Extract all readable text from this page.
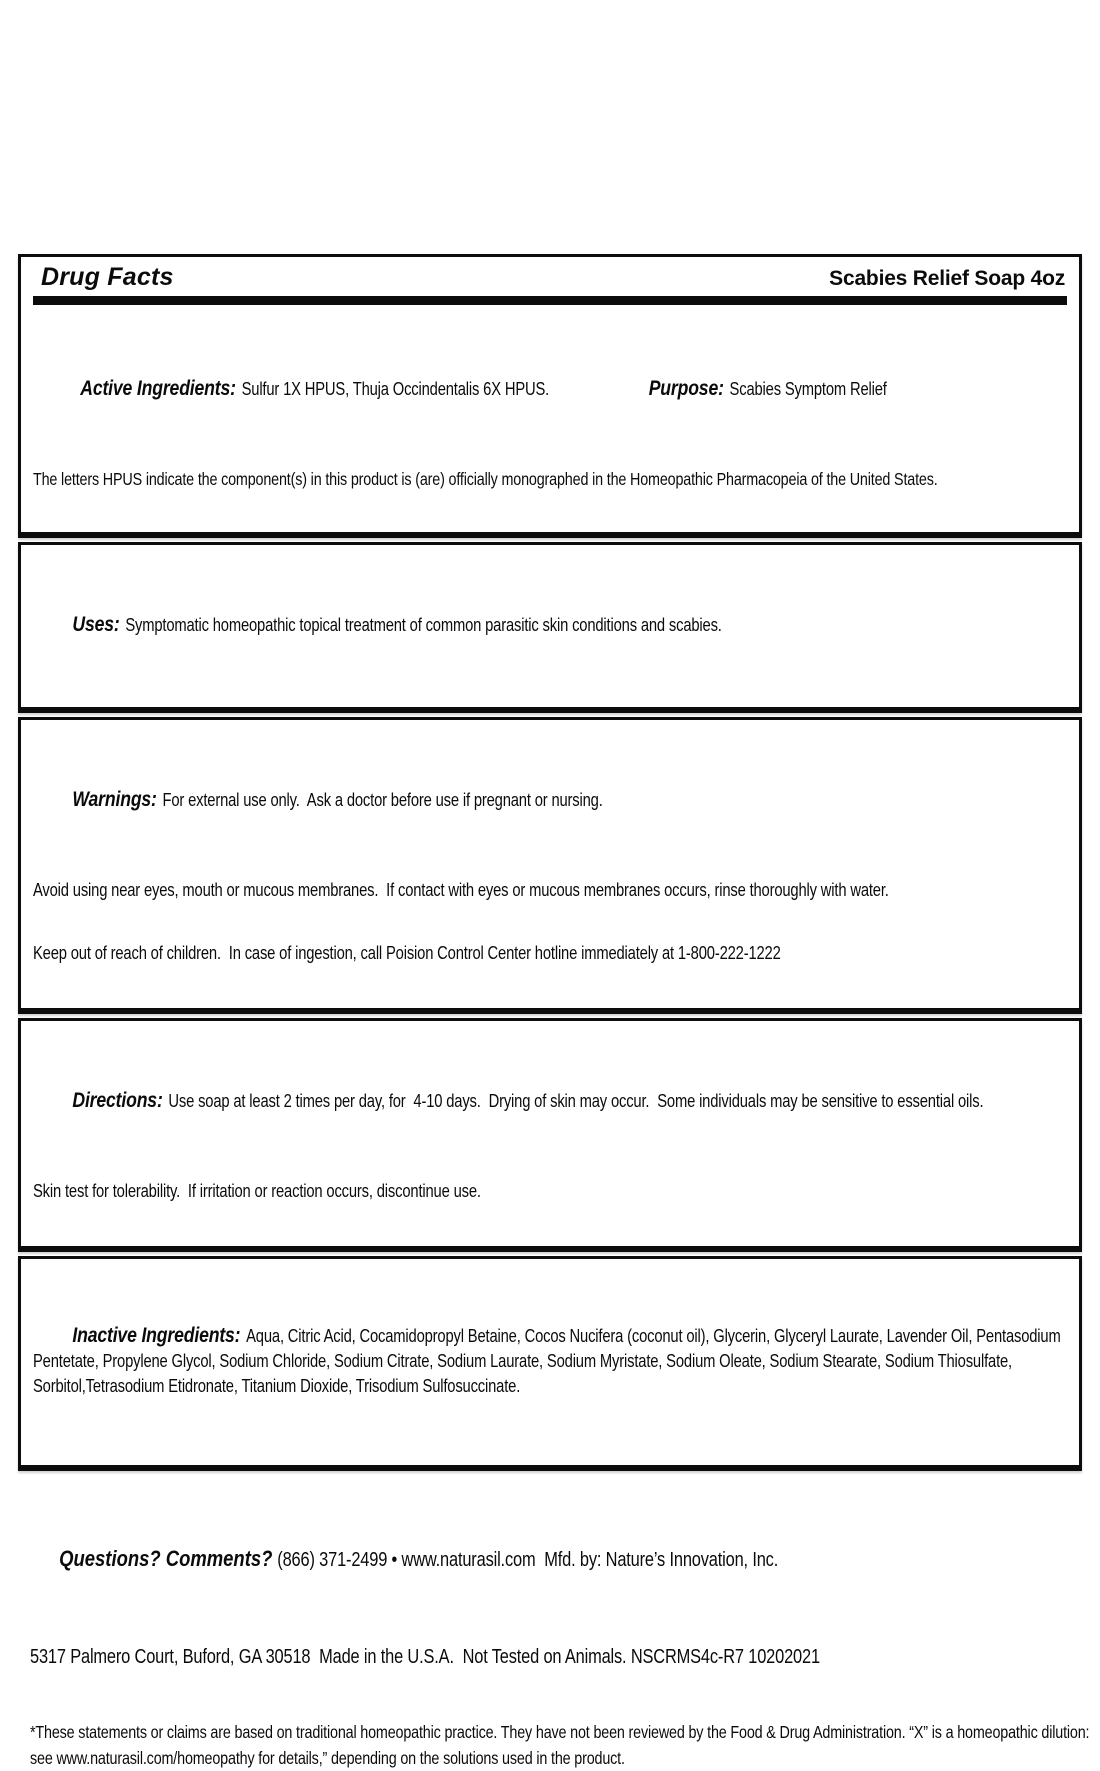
Drug Facts	Scabies Relief Soap 4oz

Active Ingredients: Sulfur 1X HPUS, Thuja Occindentalis 6X HPUS.
	Purpose: Scabies Symptom Relief

The letters HPUS indicate the component(s) in this product is (are) officially monographed in the Homeopathic Pharmacopeia of the United States.

Uses: Symptomatic homeopathic topical treatment of common parasitic skin conditions and scabies.

Warnings: For external use only.  Ask a doctor before use if pregnant or nursing.

Avoid using near eyes, mouth or mucous membranes.  If contact with eyes or mucous membranes occurs, rinse thoroughly with water.

Keep out of reach of children.  In case of ingestion, call Poision Control Center hotline immediately at 1-800-222-1222

Directions: Use soap at least 2 times per day, for  4-10 days.  Drying of skin may occur.  Some individuals may be sensitive to essential oils.

Skin test for tolerability.  If irritation or reaction occurs, discontinue use.

Inactive Ingredients: Aqua, Citric Acid, Cocamidopropyl Betaine, Cocos Nucifera (coconut oil), Glycerin, Glyceryl Laurate, Lavender Oil, Pentasodium Pentetate, Propylene Glycol, Sodium Chloride, Sodium Citrate, Sodium Laurate, Sodium Myristate, Sodium Oleate, Sodium Stearate, Sodium Thiosulfate, Sorbitol,Tetrasodium Etidronate, Titanium Dioxide, Trisodium Sulfosuccinate.

Questions? Comments? (866) 371-2499 • www.naturasil.com  Mfd. by: Nature’s Innovation, Inc.

5317 Palmero Court, Buford, GA 30518  Made in the U.S.A.  Not Tested on Animals. NSCRMS4c-R7 10202021

*These statements or claims are based on traditional homeopathic practice. They have not been reviewed by the Food & Drug Administration. “X” is a homeopathic dilution: see www.naturasil.com/homeopathy for details,” depending on the solutions used in the product.
